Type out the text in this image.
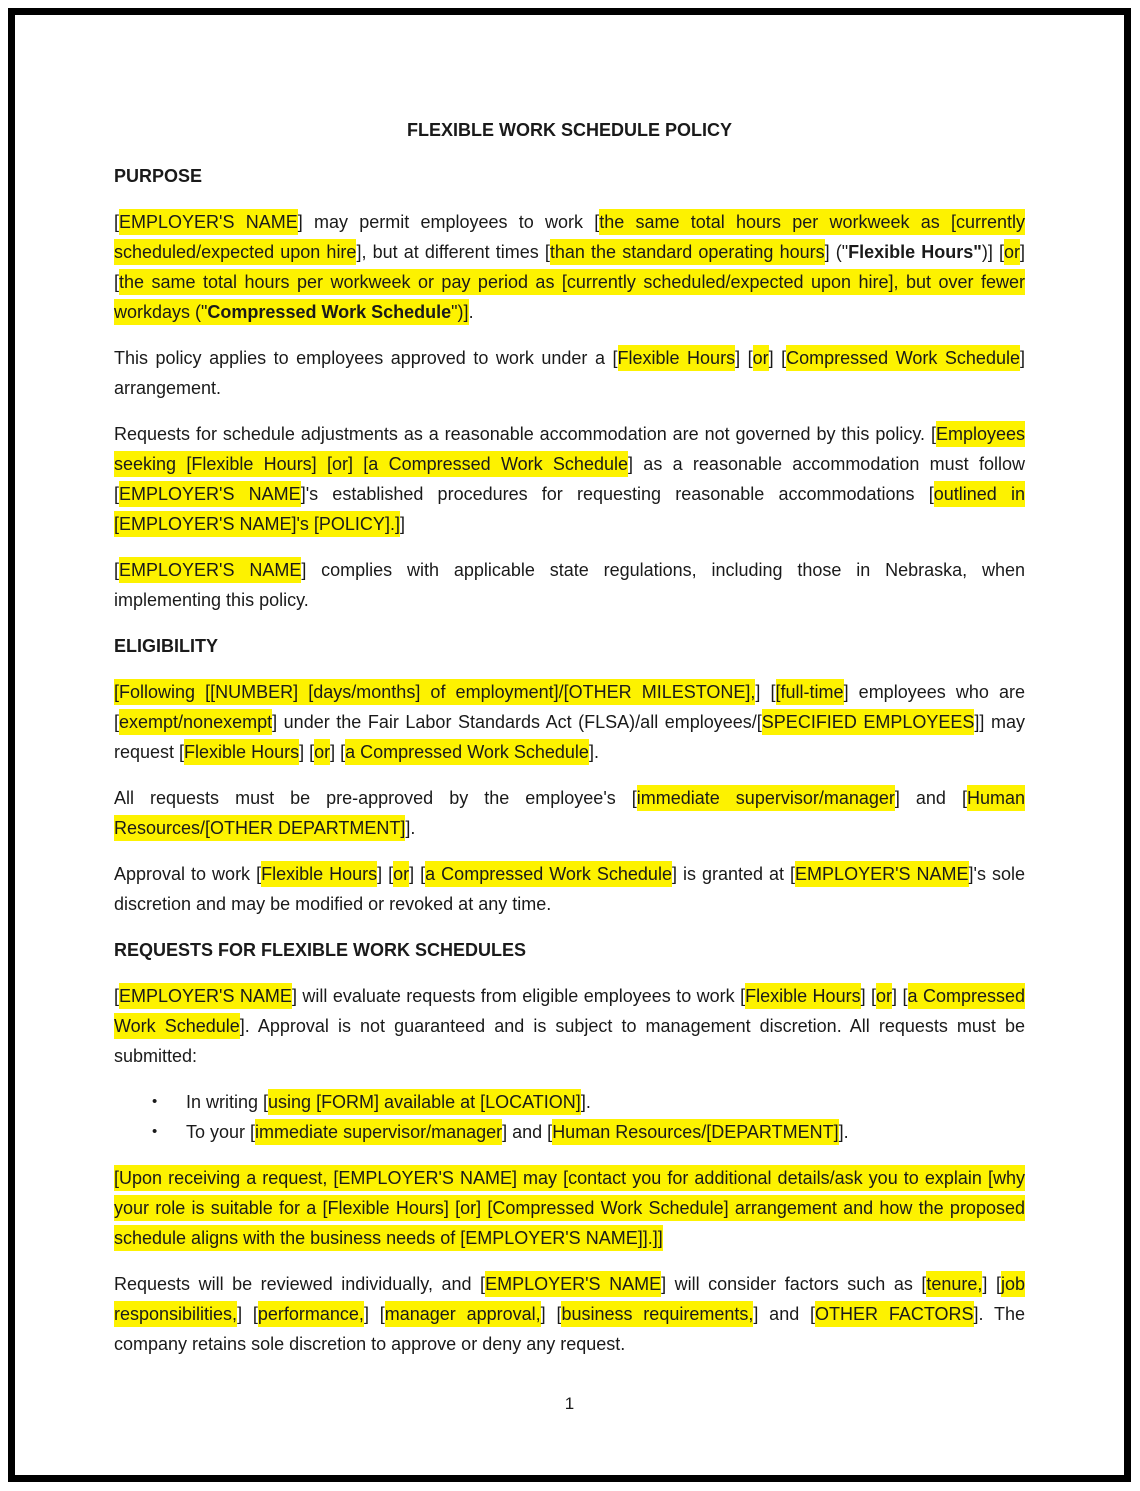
FLEXIBLE WORK SCHEDULE POLICY
PURPOSE
[EMPLOYER'S NAME] may permit employees to work [the same total hours per workweek as [currently scheduled/expected upon hire], but at different times [than the standard operating hours] ("Flexible Hours")] [or] [the same total hours per workweek or pay period as [currently scheduled/expected upon hire], but over fewer workdays ("Compressed Work Schedule")].
This policy applies to employees approved to work under a [Flexible Hours] [or] [Compressed Work Schedule] arrangement.
Requests for schedule adjustments as a reasonable accommodation are not governed by this policy. [Employees seeking [Flexible Hours] [or] [a Compressed Work Schedule] as a reasonable accommodation must follow [EMPLOYER'S NAME]'s established procedures for requesting reasonable accommodations [outlined in [EMPLOYER'S NAME]'s [POLICY].]]
[EMPLOYER'S NAME] complies with applicable state regulations, including those in Nebraska, when implementing this policy.
ELIGIBILITY
[Following [[NUMBER] [days/months] of employment]/[OTHER MILESTONE],] [[full-time] employees who are [exempt/nonexempt] under the Fair Labor Standards Act (FLSA)/all employees/[SPECIFIED EMPLOYEES]] may request [Flexible Hours] [or] [a Compressed Work Schedule].
All requests must be pre-approved by the employee's [immediate supervisor/manager] and [Human Resources/[OTHER DEPARTMENT]].
Approval to work [Flexible Hours] [or] [a Compressed Work Schedule] is granted at [EMPLOYER'S NAME]'s sole discretion and may be modified or revoked at any time.
REQUESTS FOR FLEXIBLE WORK SCHEDULES
[EMPLOYER'S NAME] will evaluate requests from eligible employees to work [Flexible Hours] [or] [a Compressed Work Schedule]. Approval is not guaranteed and is subject to management discretion. All requests must be submitted:
•	In writing [using [FORM] available at [LOCATION]].
•	To your [immediate supervisor/manager] and [Human Resources/[DEPARTMENT]].
[Upon receiving a request, [EMPLOYER'S NAME] may [contact you for additional details/ask you to explain [why your role is suitable for a [Flexible Hours] [or] [Compressed Work Schedule] arrangement and how the proposed schedule aligns with the business needs of [EMPLOYER'S NAME]].]]
Requests will be reviewed individually, and [EMPLOYER'S NAME] will consider factors such as [tenure,] [job responsibilities,] [performance,] [manager approval,] [business requirements,] and [OTHER FACTORS]. The company retains sole discretion to approve or deny any request.
1
